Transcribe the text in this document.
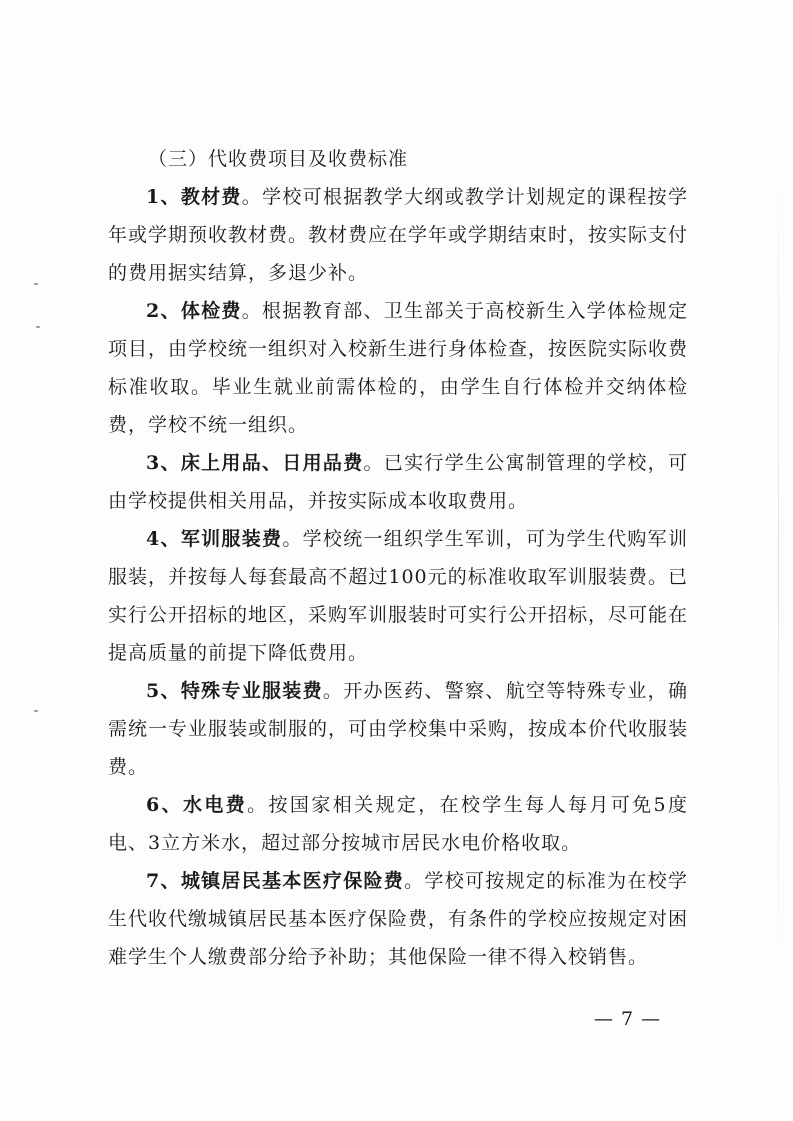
（三）代收费项目及收费标准

1、教材费。学校可根据教学大纲或教学计划规定的课程按学年或学期预收教材费。教材费应在学年或学期结束时，按实际支付的费用据实结算，多退少补。

2、体检费。根据教育部、卫生部关于高校新生入学体检规定项目，由学校统一组织对入校新生进行身体检查，按医院实际收费标准收取。毕业生就业前需体检的，由学生自行体检并交纳体检费，学校不统一组织。

3、床上用品、日用品费。已实行学生公寓制管理的学校，可由学校提供相关用品，并按实际成本收取费用。

4、军训服装费。学校统一组织学生军训，可为学生代购军训服装，并按每人每套最高不超过100元的标准收取军训服装费。已实行公开招标的地区，采购军训服装时可实行公开招标，尽可能在提高质量的前提下降低费用。

5、特殊专业服装费。开办医药、警察、航空等特殊专业，确需统一专业服装或制服的，可由学校集中采购，按成本价代收服装费。

6、水电费。按国家相关规定，在校学生每人每月可免5度电、3立方米水，超过部分按城市居民水电价格收取。

7、城镇居民基本医疗保险费。学校可按规定的标准为在校学生代收代缴城镇居民基本医疗保险费，有条件的学校应按规定对困难学生个人缴费部分给予补助；其他保险一律不得入校销售。

— 7 —
